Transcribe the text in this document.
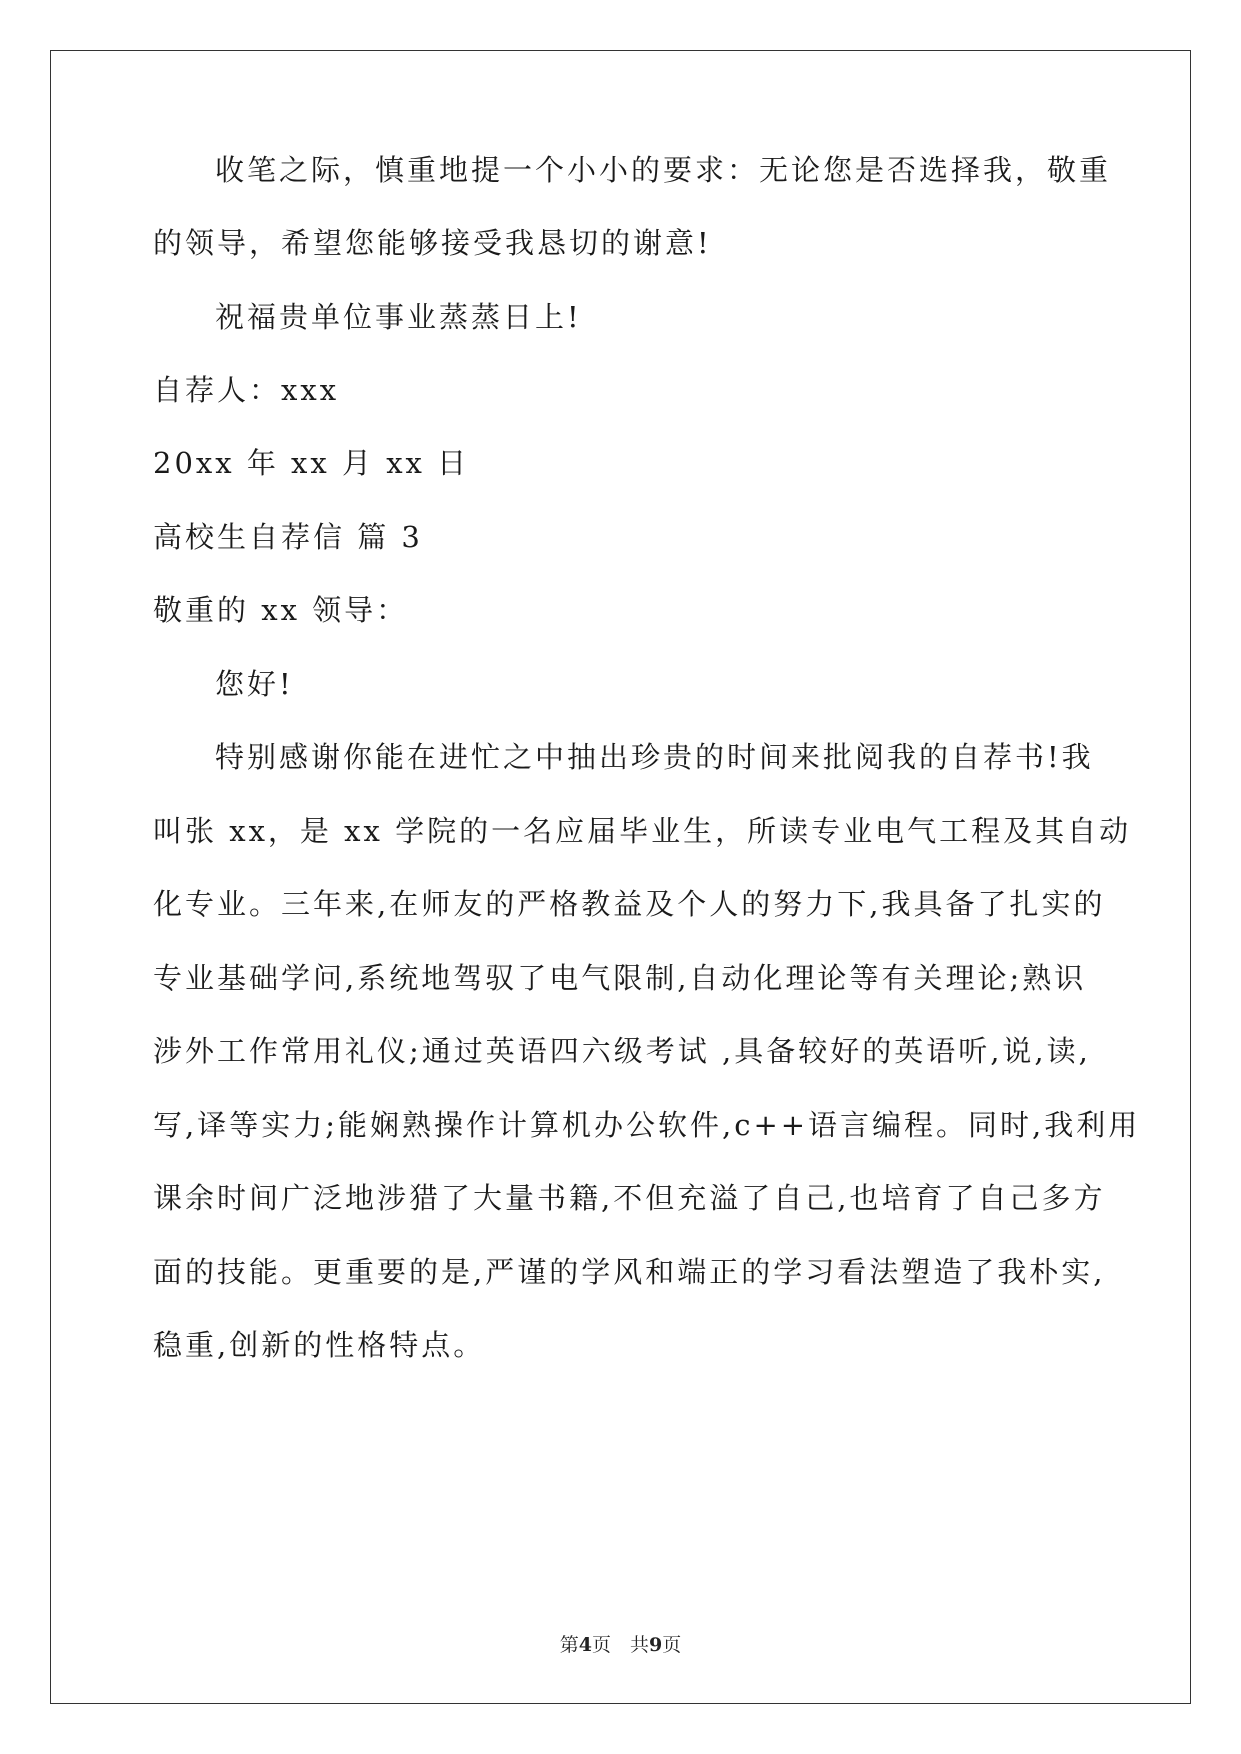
收笔之际，慎重地提一个小小的要求：无论您是否选择我，敬重
的领导，希望您能够接受我恳切的谢意!
祝福贵单位事业蒸蒸日上!
自荐人：xxx
20xx 年 xx 月 xx 日
高校生自荐信 篇 3
敬重的 xx 领导：
您好!
特别感谢你能在进忙之中抽出珍贵的时间来批阅我的自荐书!我
叫张 xx，是 xx 学院的一名应届毕业生，所读专业电气工程及其自动
化专业。三年来,在师友的严格教益及个人的努力下,我具备了扎实的
专业基础学问,系统地驾驭了电气限制,自动化理论等有关理论;熟识
涉外工作常用礼仪;通过英语四六级考试 ,具备较好的英语听,说,读,
写,译等实力;能娴熟操作计算机办公软件,c++语言编程。同时,我利用
课余时间广泛地涉猎了大量书籍,不但充溢了自己,也培育了自己多方
面的技能。更重要的是,严谨的学风和端正的学习看法塑造了我朴实,
稳重,创新的性格特点。
第4页　共9页
